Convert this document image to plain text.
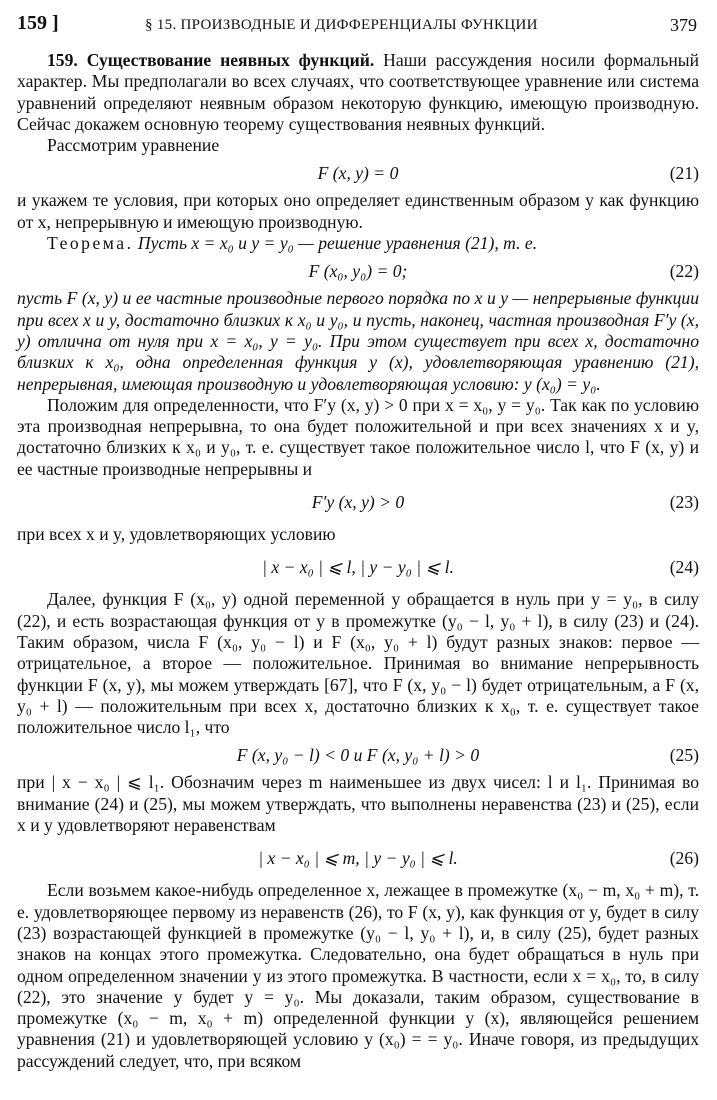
159 ]	§ 15. ПРОИЗВОДНЫЕ И ДИФФЕРЕНЦИАЛЫ ФУНКЦИИ	379

159. Существование неявных функций. Наши рассуждения носили формальный характер. Мы предполагали во всех случаях, что соответствующее уравнение или система уравнений определяют неявным образом некоторую функцию, имеющую производную. Сейчас докажем основную теорему существования неявных функций.

Рассмотрим уравнение

F (x, y) = 0	(21)

и укажем те условия, при которых оно определяет единственным образом y как функцию от x, непрерывную и имеющую производную.

Теорема. Пусть x = x₀ и y = y₀ — решение уравнения (21), т. е.

F (x₀, y₀) = 0;	(22)

пусть F (x, y) и ее частные производные первого порядка по x и y — непрерывные функции при всех x и y, достаточно близких к x₀ и y₀, и пусть, наконец, частная производная F′y (x, y) отлична от нуля при x = x₀, y = y₀. При этом существует при всех x, достаточно близких к x₀, одна определенная функция y (x), удовлетворяющая уравнению (21), непрерывная, имеющая производную и удовлетворяющая условию: y (x₀) = y₀.

Положим для определенности, что F′y (x, y) > 0 при x = x₀, y = y₀. Так как по условию эта производная непрерывна, то она будет положительной и при всех значениях x и y, достаточно близких к x₀ и y₀, т. е. существует такое положительное число l, что F (x, y) и ее частные производные непрерывны и

F′y (x, y) > 0	(23)

при всех x и y, удовлетворяющих условию

| x − x₀ | ⩽ l, | y − y₀ | ⩽ l.	(24)

Далее, функция F (x₀, y) одной переменной y обращается в нуль при y = y₀, в силу (22), и есть возрастающая функция от y в промежутке (y₀ − l, y₀ + l), в силу (23) и (24). Таким образом, числа F (x₀, y₀ − l) и F (x₀, y₀ + l) будут разных знаков: первое — отрицательное, а второе — положительное. Принимая во внимание непрерывность функции F (x, y), мы можем утверждать [67], что F (x, y₀ − l) будет отрицательным, а F (x, y₀ + l) — положительным при всех x, достаточно близких к x₀, т. е. существует такое положительное число l₁, что

F (x, y₀ − l) < 0 и F (x, y₀ + l) > 0	(25)

при | x − x₀ | ⩽ l₁. Обозначим через m наименьшее из двух чисел: l и l₁. Принимая во внимание (24) и (25), мы можем утверждать, что выполнены неравенства (23) и (25), если x и y удовлетворяют неравенствам

| x − x₀ | ⩽ m, | y − y₀ | ⩽ l.	(26)

Если возьмем какое-нибудь определенное x, лежащее в промежутке (x₀ − m, x₀ + m), т. е. удовлетворяющее первому из неравенств (26), то F (x, y), как функция от y, будет в силу (23) возрастающей функцией в промежутке (y₀ − l, y₀ + l), и, в силу (25), будет разных знаков на концах этого промежутка. Следовательно, она будет обращаться в нуль при одном определенном значении y из этого промежутка. В частности, если x = x₀, то, в силу (22), это значение y будет y = y₀. Мы доказали, таким образом, существование в промежутке (x₀ − m, x₀ + m) определенной функции y (x), являющейся решением уравнения (21) и удовлетворяющей условию y (x₀) = = y₀. Иначе говоря, из предыдущих рассуждений следует, что, при всяком
